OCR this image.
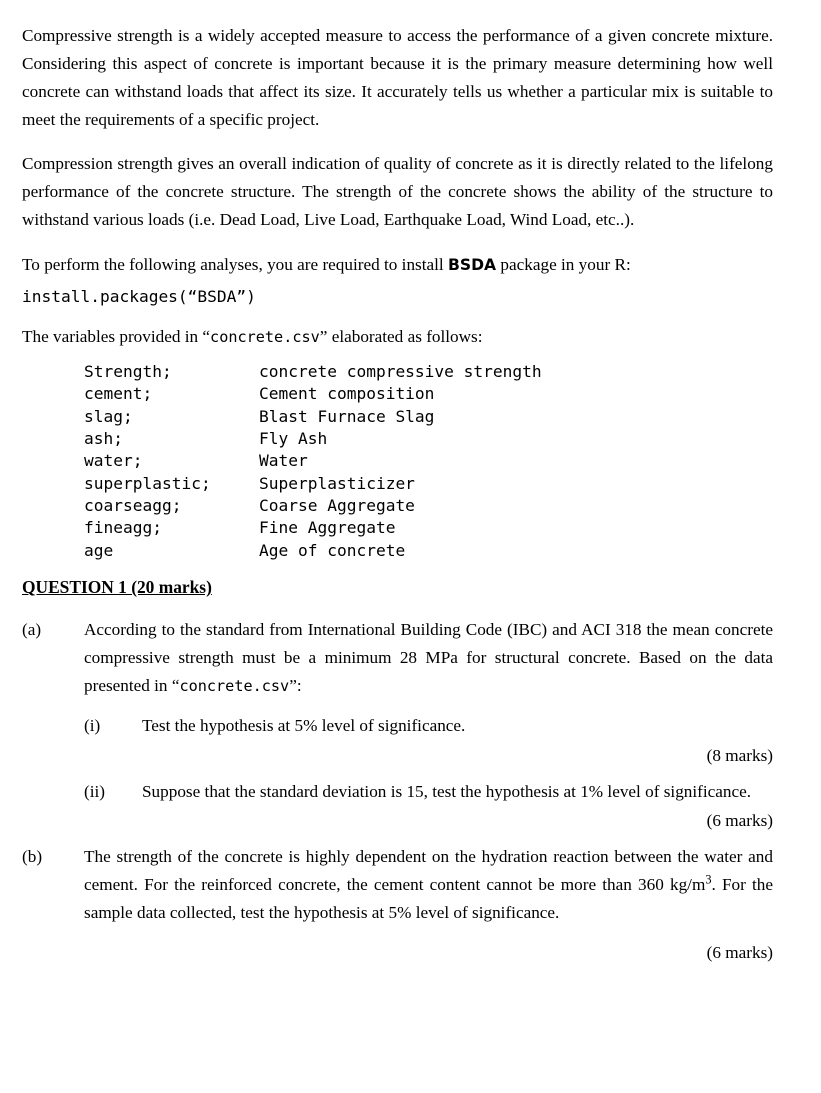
Compressive strength is a widely accepted measure to access the performance of a given concrete mixture. Considering this aspect of concrete is important because it is the primary measure determining how well concrete can withstand loads that affect its size. It accurately tells us whether a particular mix is suitable to meet the requirements of a specific project.

Compression strength gives an overall indication of quality of concrete as it is directly related to the lifelong performance of the concrete structure. The strength of the concrete shows the ability of the structure to withstand various loads (i.e. Dead Load, Live Load, Earthquake Load, Wind Load, etc..).

To perform the following analyses, you are required to install BSDA package in your R:

install.packages(“BSDA”)

The variables provided in “concrete.csv” elaborated as follows:

Strength;	concrete compressive strength
cement;	Cement composition
slag;	Blast Furnace Slag
ash;	Fly Ash
water;	Water
superplastic;	Superplasticizer
coarseagg;	Coarse Aggregate
fineagg;	Fine Aggregate
age	Age of concrete
QUESTION 1 (20 marks)
(a)	According to the standard from International Building Code (IBC) and ACI 318 the mean concrete compressive strength must be a minimum 28 MPa for structural concrete. Based on the data presented in “concrete.csv”:
(i)	Test the hypothesis at 5% level of significance.
(8 marks)
(ii)	Suppose that the standard deviation is 15, test the hypothesis at 1% level of significance.
(6 marks)
(b)	The strength of the concrete is highly dependent on the hydration reaction between the water and cement. For the reinforced concrete, the cement content cannot be more than 360 $kg/m^3$. For the sample data collected, test the hypothesis at 5% level of significance.
(6 marks)
